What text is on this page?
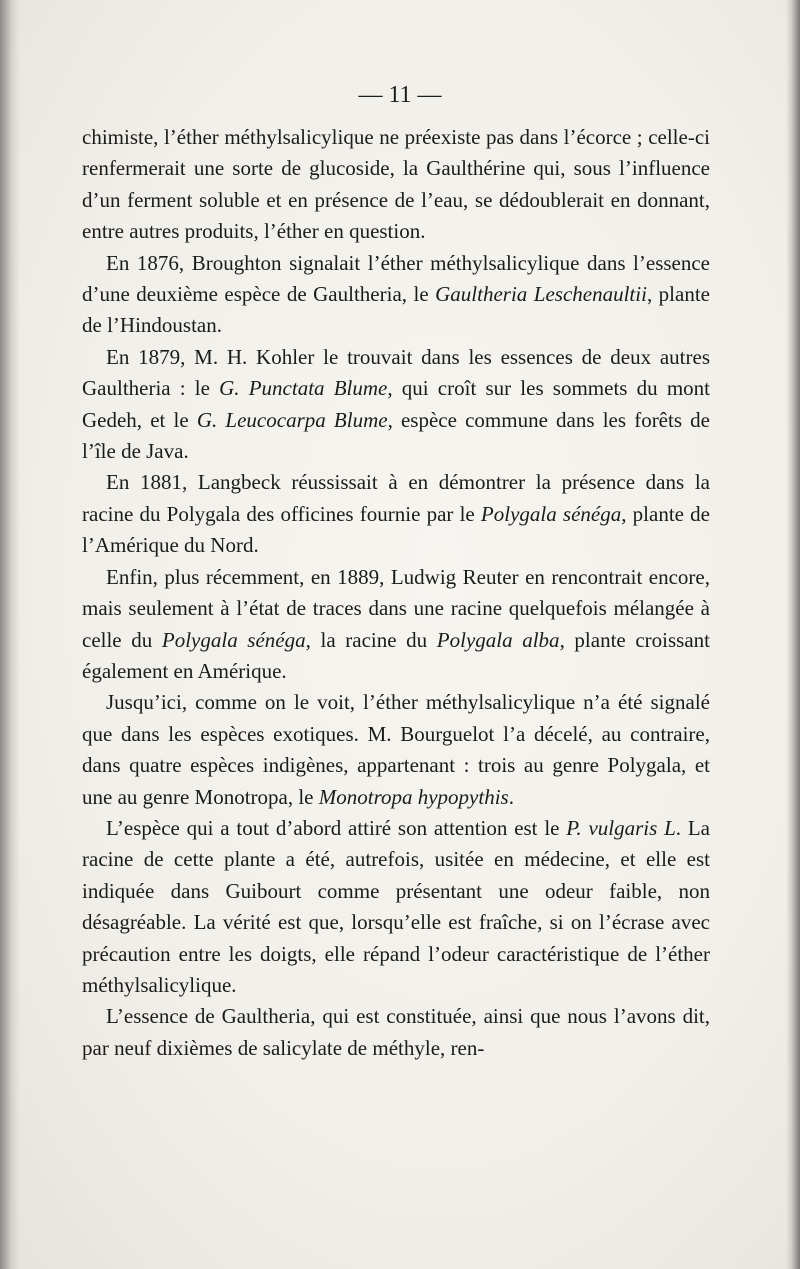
— 11 —

chimiste, l’éther méthylsalicylique ne préexiste pas dans l’écorce ; celle-ci renfermerait une sorte de glucoside, la Gaulthérine qui, sous l’influence d’un ferment soluble et en présence de l’eau, se dédoublerait en donnant, entre autres produits, l’éther en question.

En 1876, Broughton signalait l’éther méthylsalicylique dans l’essence d’une deuxième espèce de Gaultheria, le Gaultheria Leschenaultii, plante de l’Hindoustan.

En 1879, M. H. Kohler le trouvait dans les essences de deux autres Gaultheria : le G. Punctata Blume, qui croît sur les sommets du mont Gedeh, et le G. Leucocarpa Blume, espèce commune dans les forêts de l’île de Java.

En 1881, Langbeck réussissait à en démontrer la présence dans la racine du Polygala des officines fournie par le Polygala sénéga, plante de l’Amérique du Nord.

Enfin, plus récemment, en 1889, Ludwig Reuter en rencontrait encore, mais seulement à l’état de traces dans une racine quelquefois mélangée à celle du Polygala sénéga, la racine du Polygala alba, plante croissant également en Amérique.

Jusqu’ici, comme on le voit, l’éther méthylsalicylique n’a été signalé que dans les espèces exotiques. M. Bourguelot l’a décelé, au contraire, dans quatre espèces indigènes, appartenant : trois au genre Polygala, et une au genre Monotropa, le Monotropa hypopythis.

L’espèce qui a tout d’abord attiré son attention est le P. vulgaris L. La racine de cette plante a été, autrefois, usitée en médecine, et elle est indiquée dans Guibourt comme présentant une odeur faible, non désagréable. La vérité est que, lorsqu’elle est fraîche, si on l’écrase avec précaution entre les doigts, elle répand l’odeur caractéristique de l’éther méthylsalicylique.

L’essence de Gaultheria, qui est constituée, ainsi que nous l’avons dit, par neuf dixièmes de salicylate de méthyle, ren-
